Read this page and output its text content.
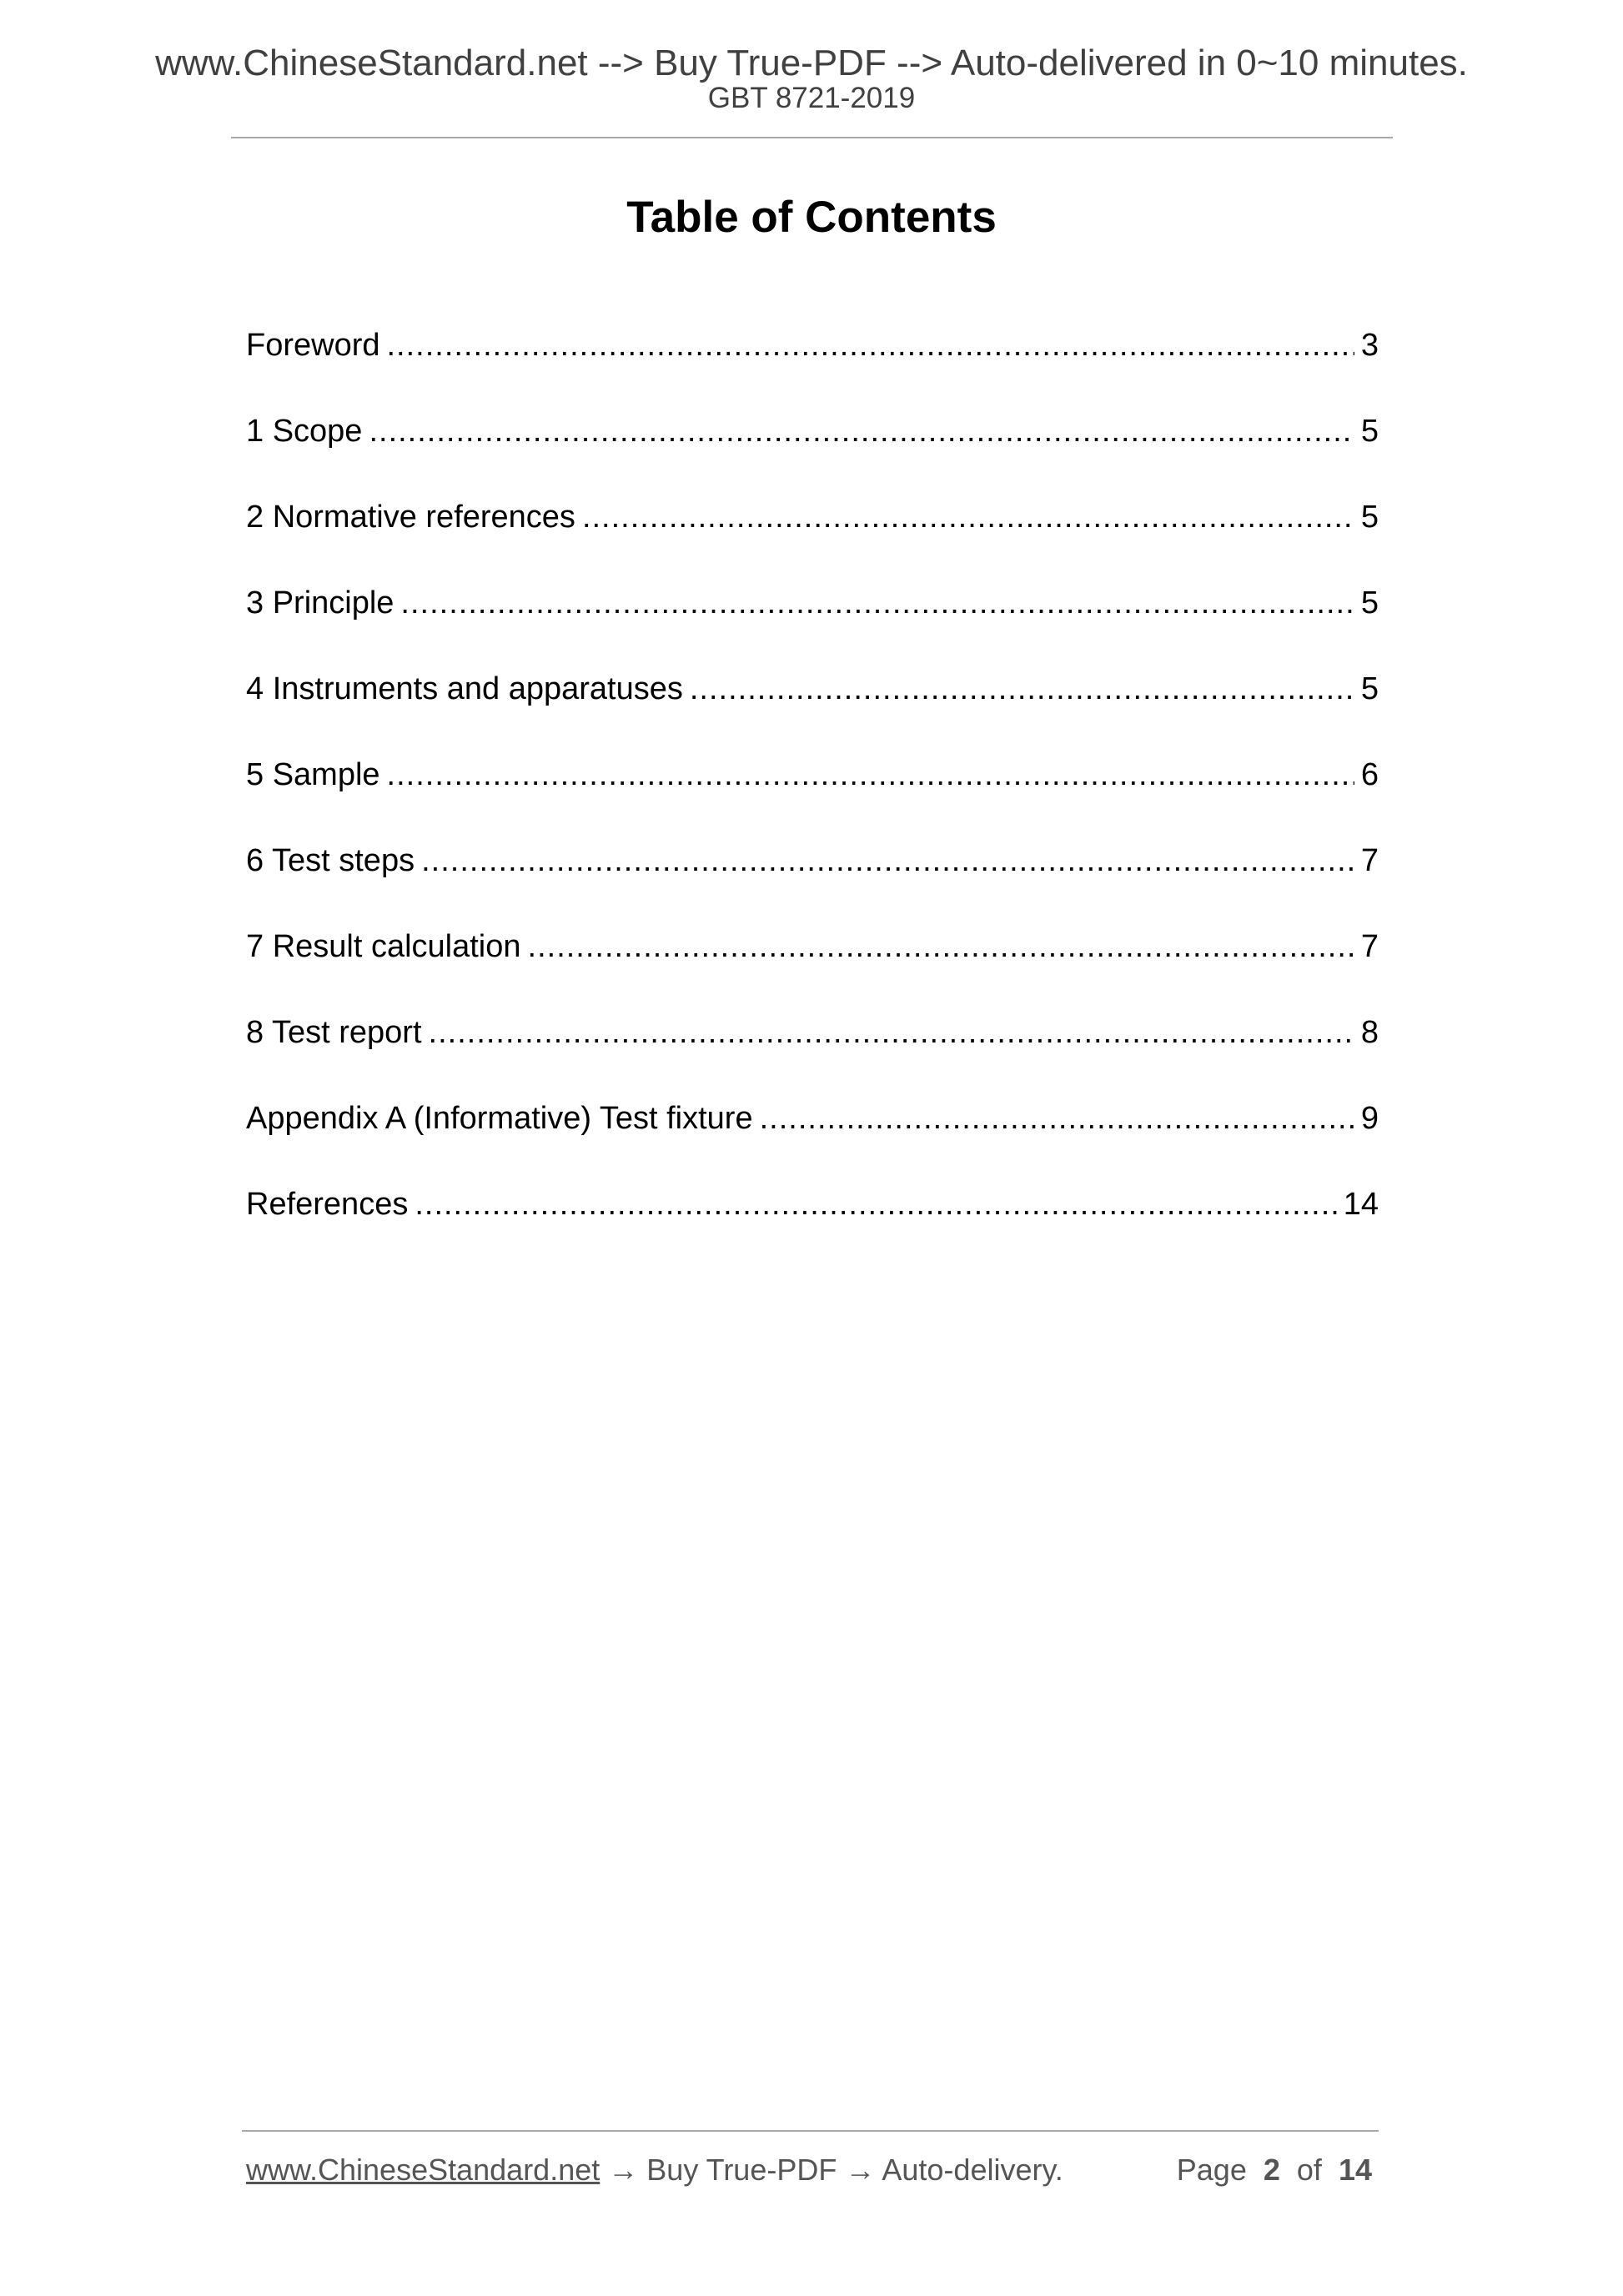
www.ChineseStandard.net --> Buy True-PDF --> Auto-delivered in 0~10 minutes.
GBT 8721-2019
Table of Contents
Foreword .....	3
1 Scope .....	5
2 Normative references .....	5
3 Principle .....	5
4 Instruments and apparatuses .....	5
5 Sample .....	6
6 Test steps .....	7
7 Result calculation .....	7
8 Test report .....	8
Appendix A (Informative) Test fixture .....	9
References .....	14
www.ChineseStandard.net → Buy True-PDF → Auto-delivery.	Page 2 of 14
